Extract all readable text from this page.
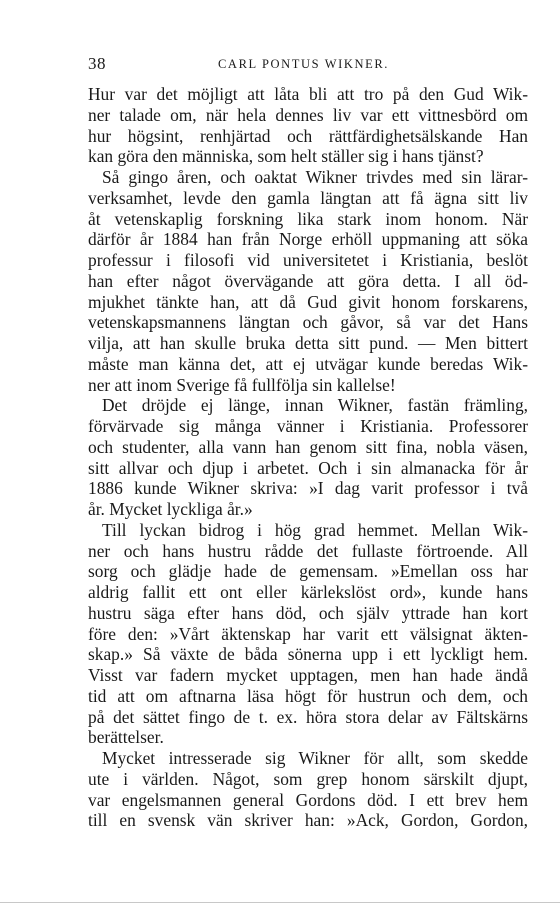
38	CARL PONTUS WIKNER.
Hur var det möjligt att låta bli att tro på den Gud Wik-
ner talade om, när hela dennes liv var ett vittnesbörd om
hur högsint, renhjärtad och rättfärdighetsälskande Han
kan göra den människa, som helt ställer sig i hans tjänst?
Så gingo åren, och oaktat Wikner trivdes med sin lärar-
verksamhet, levde den gamla längtan att få ägna sitt liv
åt vetenskaplig forskning lika stark inom honom. När
därför år 1884 han från Norge erhöll uppmaning att söka
professur i filosofi vid universitetet i Kristiania, beslöt
han efter något övervägande att göra detta. I all öd-
mjukhet tänkte han, att då Gud givit honom forskarens,
vetenskapsmannens längtan och gåvor, så var det Hans
vilja, att han skulle bruka detta sitt pund. — Men bittert
måste man känna det, att ej utvägar kunde beredas Wik-
ner att inom Sverige få fullfölja sin kallelse!
Det dröjde ej länge, innan Wikner, fastän främling,
förvärvade sig många vänner i Kristiania. Professorer
och studenter, alla vann han genom sitt fina, nobla väsen,
sitt allvar och djup i arbetet. Och i sin almanacka för år
1886 kunde Wikner skriva: »I dag varit professor i två
år. Mycket lyckliga år.»
Till lyckan bidrog i hög grad hemmet. Mellan Wik-
ner och hans hustru rådde det fullaste förtroende. All
sorg och glädje hade de gemensam. »Emellan oss har
aldrig fallit ett ont eller kärlekslöst ord», kunde hans
hustru säga efter hans död, och själv yttrade han kort
före den: »Vårt äktenskap har varit ett välsignat äkten-
skap.» Så växte de båda sönerna upp i ett lyckligt hem.
Visst var fadern mycket upptagen, men han hade ändå
tid att om aftnarna läsa högt för hustrun och dem, och
på det sättet fingo de t. ex. höra stora delar av Fältskärns
berättelser.
Mycket intresserade sig Wikner för allt, som skedde
ute i världen. Något, som grep honom särskilt djupt,
var engelsmannen general Gordons död. I ett brev hem
till en svensk vän skriver han: »Ack, Gordon, Gordon,
